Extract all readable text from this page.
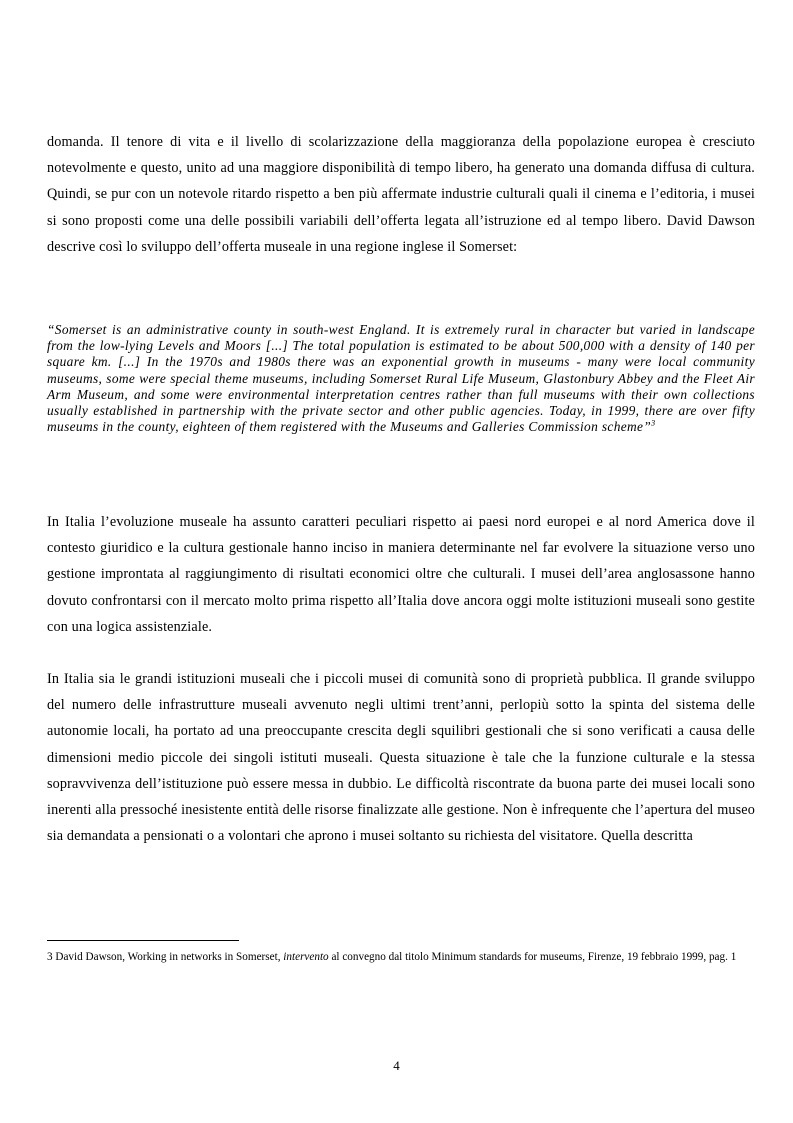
domanda. Il tenore di vita e il livello di scolarizzazione della maggioranza della popolazione europea è cresciuto notevolmente e questo, unito ad una maggiore disponibilità di tempo libero, ha generato una domanda diffusa di cultura. Quindi, se pur con un notevole ritardo rispetto a ben più affermate industrie culturali quali il cinema e l’editoria, i musei si sono proposti come una delle possibili variabili dell’offerta legata all’istruzione ed al tempo libero. David Dawson descrive così lo sviluppo dell’offerta museale in una regione inglese il Somerset:

“Somerset is an administrative county in south-west England. It is extremely rural in character but varied in landscape from the low-lying Levels and Moors [...] The total population is estimated to be about 500,000 with a density of 140 per square km. [...] In the 1970s and 1980s there was an exponential growth in museums - many were local community museums, some were special theme museums, including Somerset Rural Life Museum, Glastonbury Abbey and the Fleet Air Arm Museum, and some were environmental interpretation centres rather than full museums with their own collections usually established in partnership with the private sector and other public agencies. Today, in 1999, there are over fifty museums in the county, eighteen of them registered with the Museums and Galleries Commission scheme”$^3$

In Italia l’evoluzione museale ha assunto caratteri peculiari rispetto ai paesi nord europei e al nord America dove il contesto giuridico e la cultura gestionale hanno inciso in maniera determinante nel far evolvere la situazione verso uno gestione improntata al raggiungimento di risultati economici oltre che culturali. I musei dell’area anglosassone hanno dovuto confrontarsi con il mercato molto prima rispetto all’Italia dove ancora oggi molte istituzioni museali sono gestite con una logica assistenziale.

In Italia sia le grandi istituzioni museali che i piccoli musei di comunità sono di proprietà pubblica. Il grande sviluppo del numero delle infrastrutture museali avvenuto negli ultimi trent’anni, perlopiù sotto la spinta del sistema delle autonomie locali, ha portato ad una preoccupante crescita degli squilibri gestionali che si sono verificati a causa delle dimensioni medio piccole dei singoli istituti museali. Questa situazione è tale che la funzione culturale e la stessa sopravvivenza dell’istituzione può essere messa in dubbio. Le difficoltà riscontrate da buona parte dei musei locali sono inerenti alla pressoché inesistente entità delle risorse finalizzate alle gestione. Non è infrequente che l’apertura del museo sia demandata a pensionati o a volontari che aprono i musei soltanto su richiesta del visitatore. Quella descritta

3 David Dawson, Working in networks in Somerset, intervento al convegno dal titolo Minimum standards for museums, Firenze, 19 febbraio 1999, pag. 1

4
